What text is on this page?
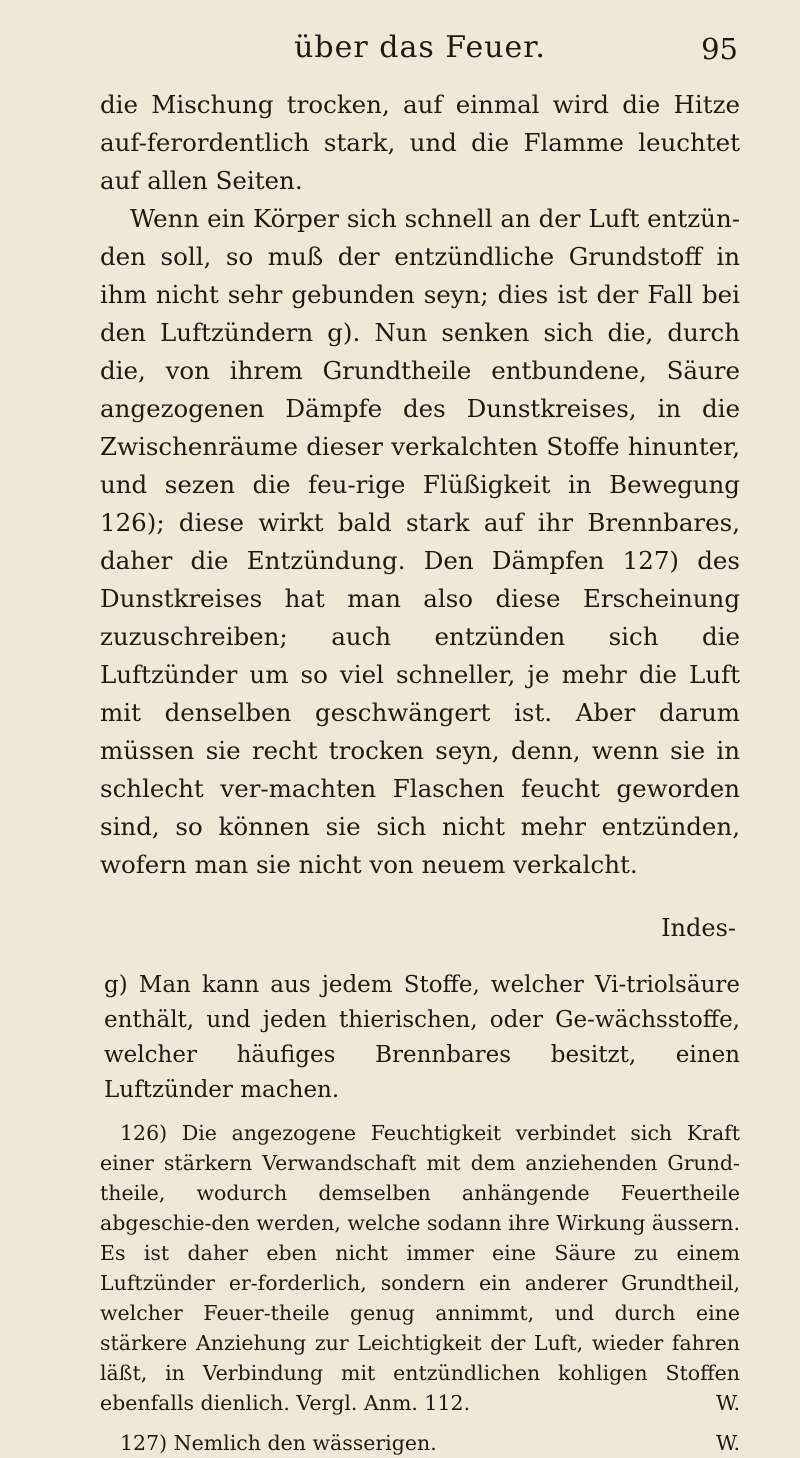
über das Feuer.	95

die Mischung trocken, auf einmal wird die Hitze auf-ferordentlich stark, und die Flamme leuchtet auf allen Seiten.

Wenn ein Körper sich schnell an der Luft entzün-den soll, so muß der entzündliche Grundstoff in ihm nicht sehr gebunden seyn; dies ist der Fall bei den Luftzündern g). Nun senken sich die, durch die, von ihrem Grundtheile entbundene, Säure angezogenen Dämpfe des Dunstkreises, in die Zwischenräume dieser verkalchten Stoffe hinunter, und sezen die feu-rige Flüßigkeit in Bewegung 126); diese wirkt bald stark auf ihr Brennbares, daher die Entzündung. Den Dämpfen 127) des Dunstkreises hat man also diese Erscheinung zuzuschreiben; auch entzünden sich die Luftzünder um so viel schneller, je mehr die Luft mit denselben geschwängert ist. Aber darum müssen sie recht trocken seyn, denn, wenn sie in schlecht ver-machten Flaschen feucht geworden sind, so können sie sich nicht mehr entzünden, wofern man sie nicht von neuem verkalcht.

Indes-

g) Man kann aus jedem Stoffe, welcher Vi-triolsäure enthält, und jeden thierischen, oder Ge-wächsstoffe, welcher häufiges Brennbares besitzt, einen Luftzünder machen.

126) Die angezogene Feuchtigkeit verbindet sich Kraft einer stärkern Verwandschaft mit dem anziehenden Grund-theile, wodurch demselben anhängende Feuertheile abgeschie-den werden, welche sodann ihre Wirkung äussern. Es ist daher eben nicht immer eine Säure zu einem Luftzünder er-forderlich, sondern ein anderer Grundtheil, welcher Feuer-theile genug annimmt, und durch eine stärkere Anziehung zur Leichtigkeit der Luft, wieder fahren läßt, in Verbindung mit entzündlichen kohligen Stoffen ebenfalls dienlich. Vergl. Anm. 112.	W.

127) Nemlich den wässerigen.	W.
